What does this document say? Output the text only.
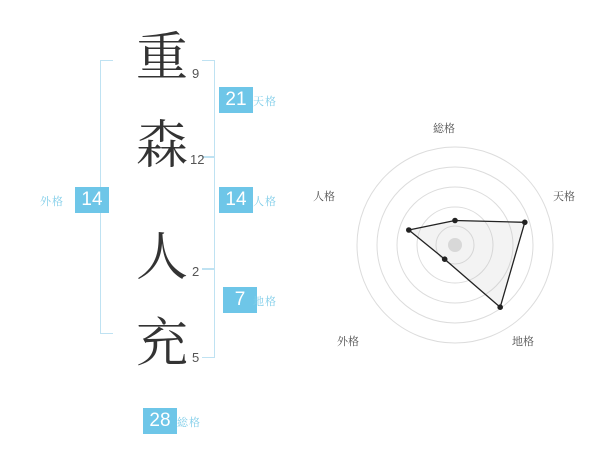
14
外格
重 9
森 12
人 2
充 5
21 天格
14 人格
7 地格
28 総格
総格
天格
地格
外格
人格
